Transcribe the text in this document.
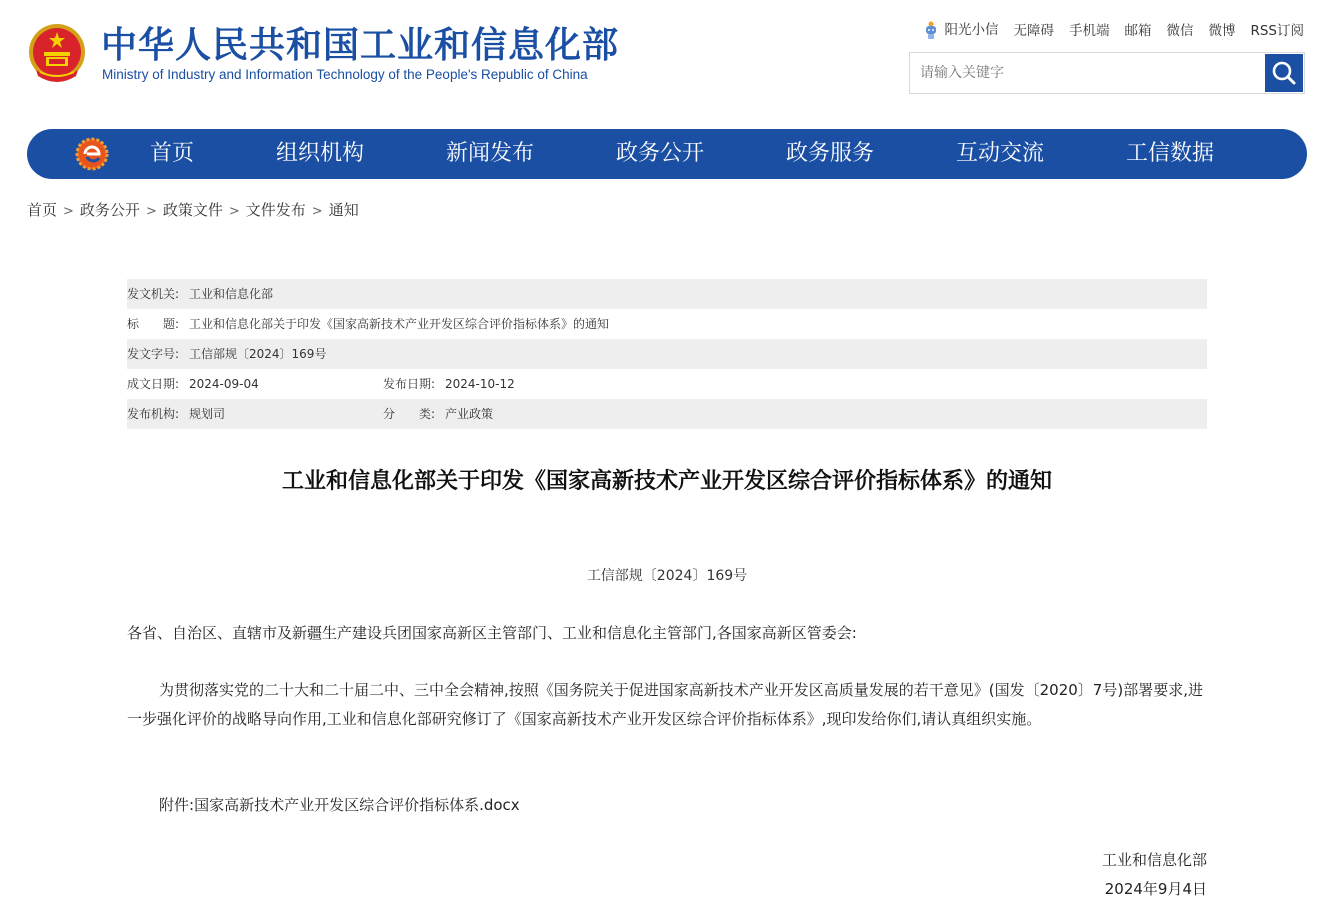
中华人民共和国工业和信息化部
Ministry of Industry and Information Technology of the People's Republic of China
阳光小信 无障碍 手机端 邮箱 微信 微博 RSS订阅
请输入关键字
首页	组织机构	新闻发布	政务公开	政务服务	互动交流	工信数据
首页 > 政务公开 > 政策文件 > 文件发布 > 通知
发文机关: 工业和信息化部
标　　题: 工业和信息化部关于印发《国家高新技术产业开发区综合评价指标体系》的通知
发文字号: 工信部规〔2024〕169号
成文日期: 2024-09-04	发布日期: 2024-10-12
发布机构: 规划司	分　　类: 产业政策
工业和信息化部关于印发《国家高新技术产业开发区综合评价指标体系》的通知
工信部规〔2024〕169号
各省、自治区、直辖市及新疆生产建设兵团国家高新区主管部门、工业和信息化主管部门,各国家高新区管委会:
为贯彻落实党的二十大和二十届二中、三中全会精神,按照《国务院关于促进国家高新技术产业开发区高质量发展的若干意见》(国发〔2020〕7号)部署要求,进一步强化评价的战略导向作用,工业和信息化部研究修订了《国家高新技术产业开发区综合评价指标体系》,现印发给你们,请认真组织实施。
附件:国家高新技术产业开发区综合评价指标体系.docx
工业和信息化部
2024年9月4日
